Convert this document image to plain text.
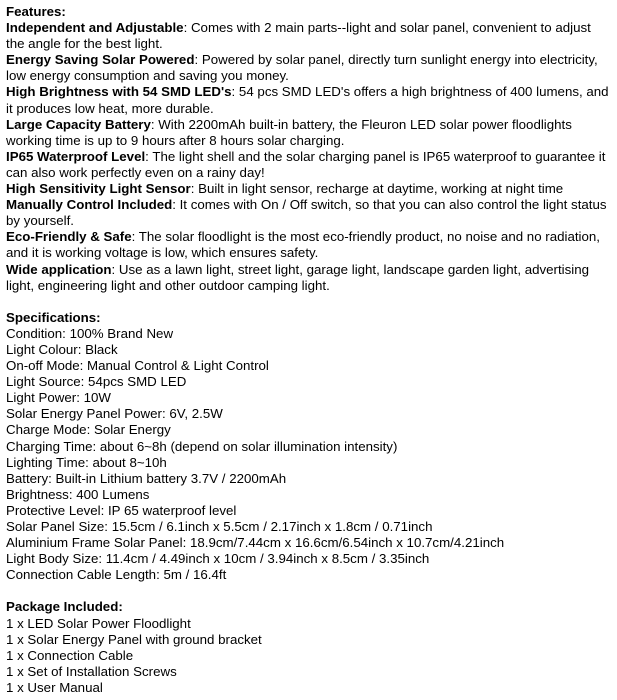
Features:
Independent and Adjustable: Comes with 2 main parts--light and solar panel, convenient to adjust the angle for the best light.
Energy Saving Solar Powered: Powered by solar panel, directly turn sunlight energy into electricity, low energy consumption and saving you money.
High Brightness with 54 SMD LED's: 54 pcs SMD LED's offers a high brightness of 400 lumens, and it produces low heat, more durable.
Large Capacity Battery: With 2200mAh built-in battery, the Fleuron LED solar power floodlights working time is up to 9 hours after 8 hours solar charging.
IP65 Waterproof Level: The light shell and the solar charging panel is IP65 waterproof to guarantee it can also work perfectly even on a rainy day!
High Sensitivity Light Sensor: Built in light sensor, recharge at daytime, working at night time
Manually Control Included: It comes with On / Off switch, so that you can also control the light status by yourself.
Eco-Friendly & Safe: The solar floodlight is the most eco-friendly product, no noise and no radiation, and it is working voltage is low, which ensures safety.
Wide application: Use as a lawn light, street light, garage light, landscape garden light, advertising light, engineering light and other outdoor camping light.
Specifications:
Condition: 100% Brand New
Light Colour: Black
On-off Mode: Manual Control & Light Control
Light Source: 54pcs SMD LED
Light Power: 10W
Solar Energy Panel Power: 6V, 2.5W
Charge Mode: Solar Energy
Charging Time: about 6~8h (depend on solar illumination intensity)
Lighting Time: about 8~10h
Battery: Built-in Lithium battery 3.7V / 2200mAh
Brightness: 400 Lumens
Protective Level: IP 65 waterproof level
Solar Panel Size: 15.5cm / 6.1inch x 5.5cm / 2.17inch x 1.8cm / 0.71inch
Aluminium Frame Solar Panel: 18.9cm/7.44cm x 16.6cm/6.54inch x 10.7cm/4.21inch
Light Body Size: 11.4cm / 4.49inch x 10cm / 3.94inch x 8.5cm / 3.35inch
Connection Cable Length: 5m / 16.4ft
Package Included:
1 x LED Solar Power Floodlight
1 x Solar Energy Panel with ground bracket
1 x Connection Cable
1 x Set of Installation Screws
1 x User Manual
